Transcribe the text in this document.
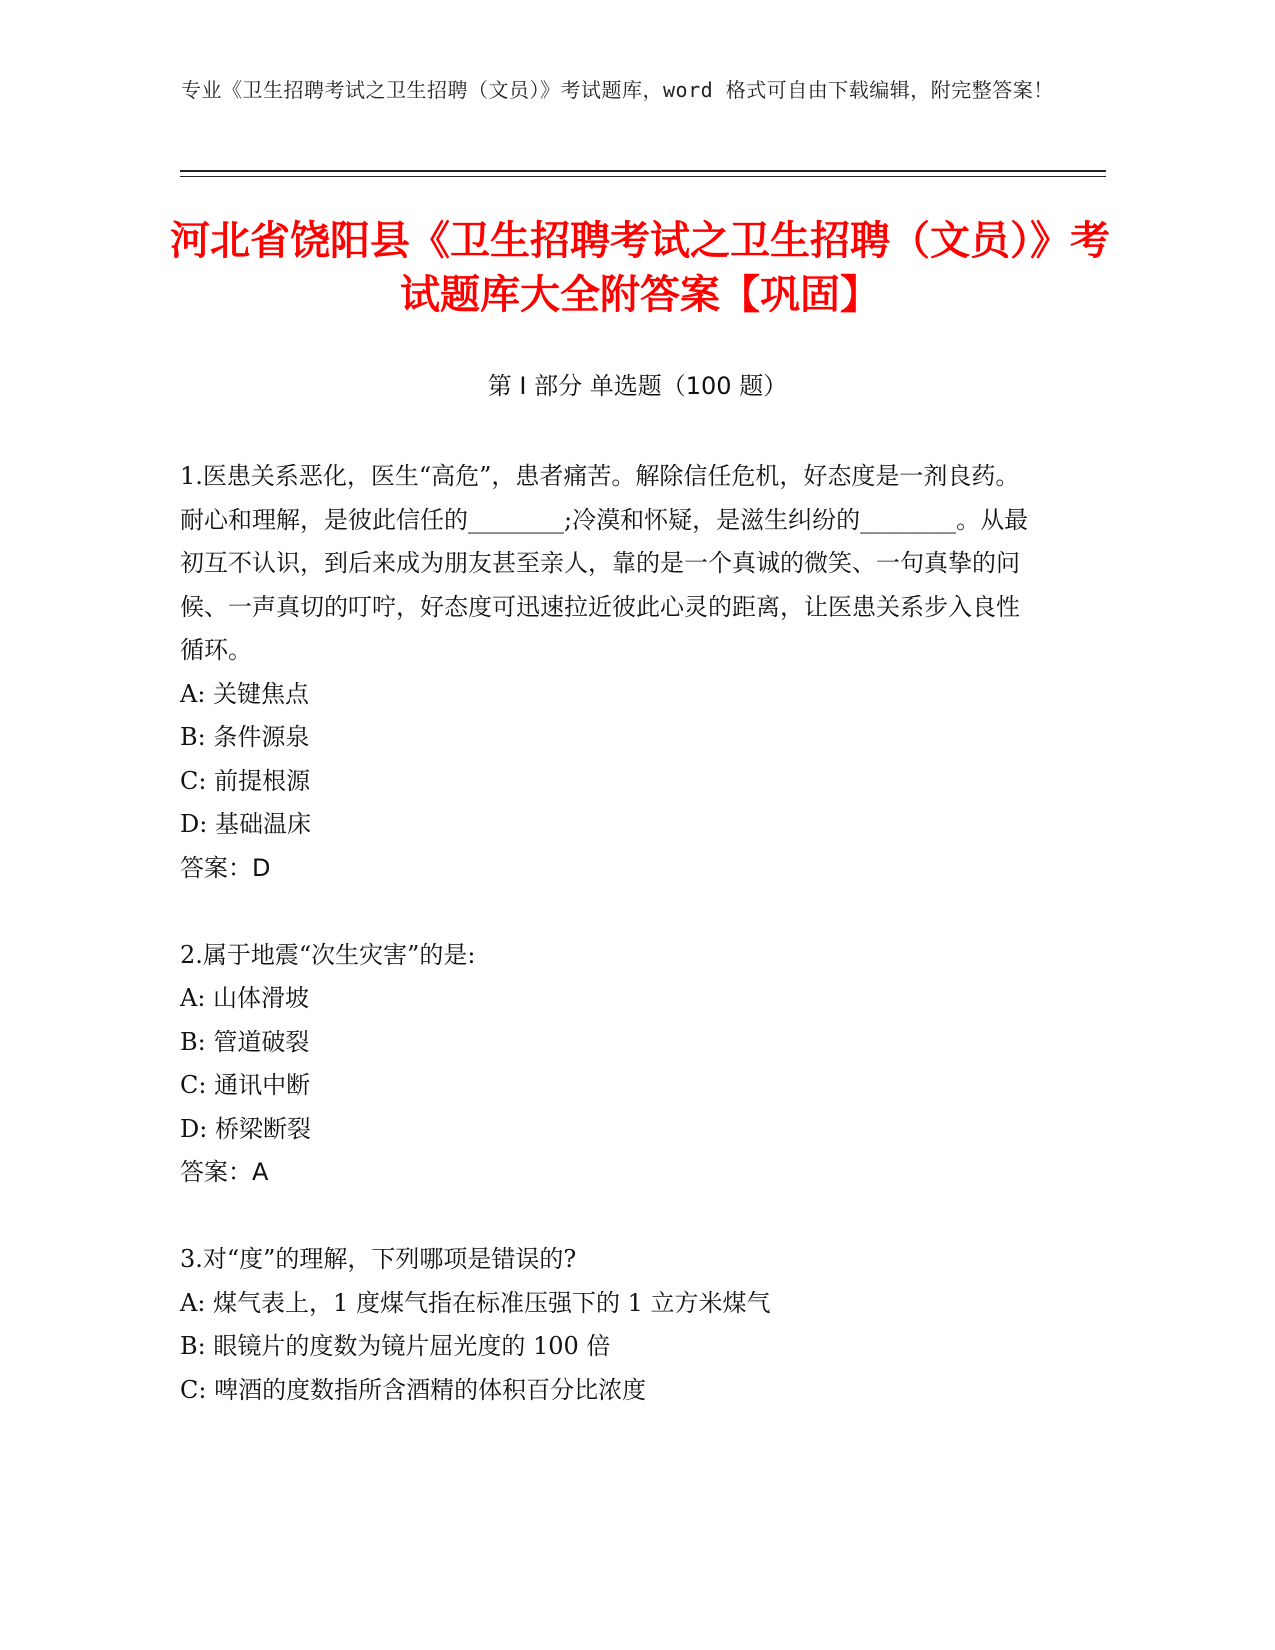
专业《卫生招聘考试之卫生招聘（文员）》考试题库，word 格式可自由下载编辑，附完整答案！
河北省饶阳县《卫生招聘考试之卫生招聘（文员）》考试题库大全附答案【巩固】
第 I 部分 单选题（100 题）
1.医患关系恶化，医生“高危”，患者痛苦。解除信任危机，好态度是一剂良药。耐心和理解，是彼此信任的________;冷漠和怀疑，是滋生纠纷的________。从最初互不认识，到后来成为朋友甚至亲人，靠的是一个真诚的微笑、一句真挚的问候、一声真切的叮咛，好态度可迅速拉近彼此心灵的距离，让医患关系步入良性循环。
A: 关键焦点
B: 条件源泉
C: 前提根源
D: 基础温床
答案：D
2.属于地震“次生灾害”的是:
A: 山体滑坡
B: 管道破裂
C: 通讯中断
D: 桥梁断裂
答案：A
3.对“度”的理解，下列哪项是错误的?
A: 煤气表上，1 度煤气指在标准压强下的 1 立方米煤气
B: 眼镜片的度数为镜片屈光度的 100 倍
C: 啤酒的度数指所含酒精的体积百分比浓度
